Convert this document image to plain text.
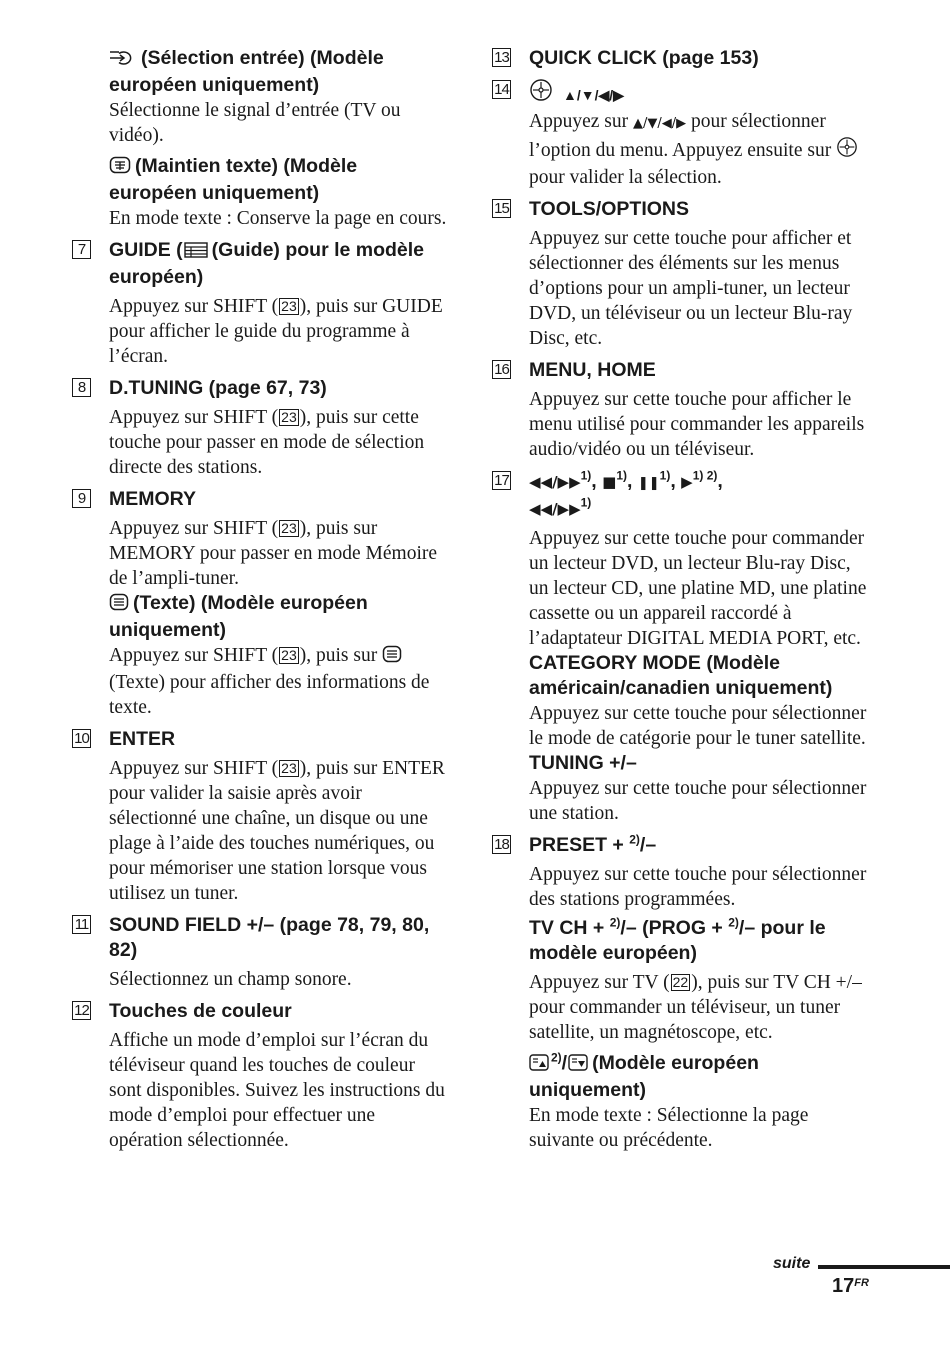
(Sélection entrée) (Modèle européen uniquement)

Sélectionne le signal d’entrée (TV ou vidéo).

(Maintien texte) (Modèle européen uniquement)

En mode texte : Conserve la page en cours.

7 GUIDE ( (Guide) pour le modèle européen)

Appuyez sur SHIFT ( 23 ), puis sur GUIDE pour afficher le guide du programme à l’écran.

8 D.TUNING (page 67, 73)

Appuyez sur SHIFT ( 23 ), puis sur cette touche pour passer en mode de sélection directe des stations.

9 MEMORY

Appuyez sur SHIFT ( 23 ), puis sur MEMORY pour passer en mode Mémoire de l’ampli-tuner.

(Texte) (Modèle européen uniquement)

Appuyez sur SHIFT ( 23 ), puis sur  (Texte) pour afficher des informations de texte.

10 ENTER

Appuyez sur SHIFT ( 23 ), puis sur ENTER pour valider la saisie après avoir sélectionné une chaîne, un disque ou une plage à l’aide des touches numériques, ou pour mémoriser une station lorsque vous utilisez un tuner.

11 SOUND FIELD +/– (page 78, 79, 80, 82)

Sélectionnez un champ sonore.

12 Touches de couleur

Affiche un mode d’emploi sur l’écran du téléviseur quand les touches de couleur sont disponibles. Suivez les instructions du mode d’emploi pour effectuer une opération sélectionnée.

13 QUICK CLICK (page 153)

14	▲/▼/◀/▶

Appuyez sur ▲/▼/◀/▶ pour sélectionner l’option du menu. Appuyez ensuite sur pour valider la sélection.

15 TOOLS/OPTIONS

Appuyez sur cette touche pour afficher et sélectionner des éléments sur les menus d’options pour un ampli-tuner, un lecteur DVD, un téléviseur ou un lecteur Blu-ray Disc, etc.

16 MENU, HOME

Appuyez sur cette touche pour afficher le menu utilisé pour commander les appareils audio/vidéo ou un téléviseur.

17 ◀◀/▶▶$^{1)}$, ■$^{1)}$, ❚❚$^{1)}$, ▶$^{1) 2)}$,
◀◀/▶▶$^{1)}$

Appuyez sur cette touche pour commander un lecteur DVD, un lecteur Blu-ray Disc, un lecteur CD, une platine MD, une platine cassette ou un appareil raccordé à l’adaptateur DIGITAL MEDIA PORT, etc.

CATEGORY MODE (Modèle américain/canadien uniquement)

Appuyez sur cette touche pour sélectionner le mode de catégorie pour le tuner satellite.

TUNING +/–

Appuyez sur cette touche pour sélectionner une station.

18 PRESET + $^{2)}$/–

Appuyez sur cette touche pour sélectionner des stations programmées.

TV CH + $^{2)}$/– (PROG + $^{2)}$/– pour le modèle européen)

Appuyez sur TV ( 22 ), puis sur TV CH +/– pour commander un téléviseur, un tuner satellite, un magnétoscope, etc.

$^{2)}$/ (Modèle européen uniquement)

En mode texte : Sélectionne la page suivante ou précédente.

suite
$17^{FR}$
